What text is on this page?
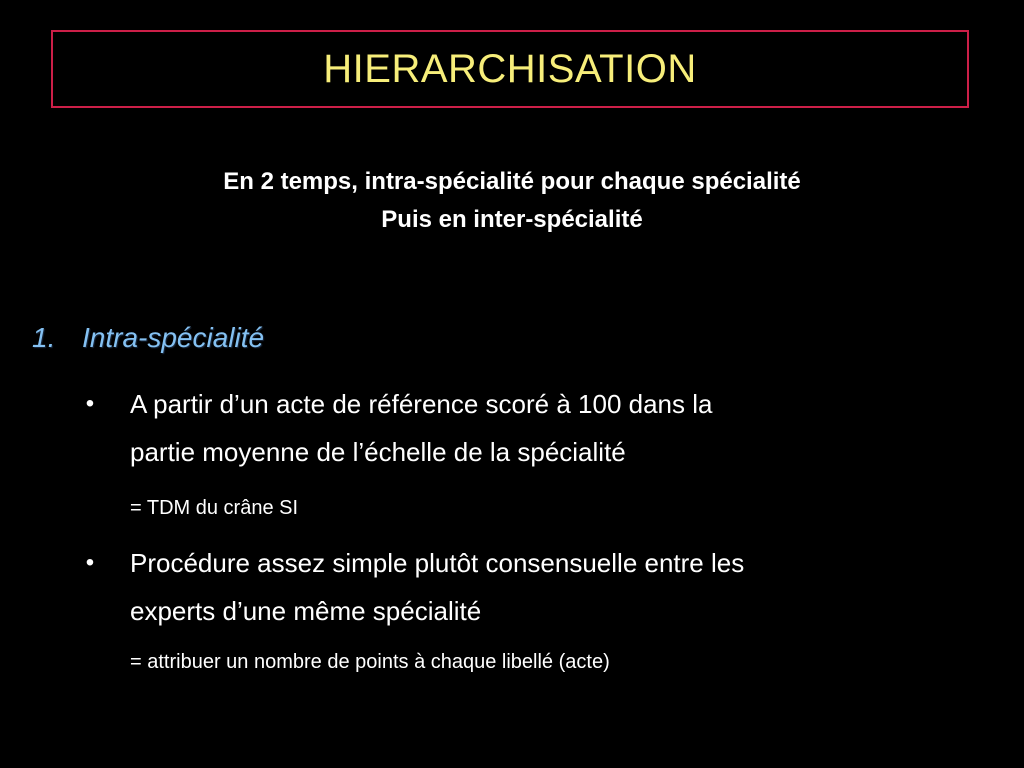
HIERARCHISATION
En 2 temps, intra-spécialité pour chaque spécialité
Puis en inter-spécialité
1. Intra-spécialité
• A partir d’un acte de référence scoré à 100 dans la
partie moyenne de l’échelle de la spécialité
= TDM du crâne SI
• Procédure assez simple plutôt consensuelle entre les
experts d’une même spécialité
= attribuer un nombre de points à chaque libellé (acte)
